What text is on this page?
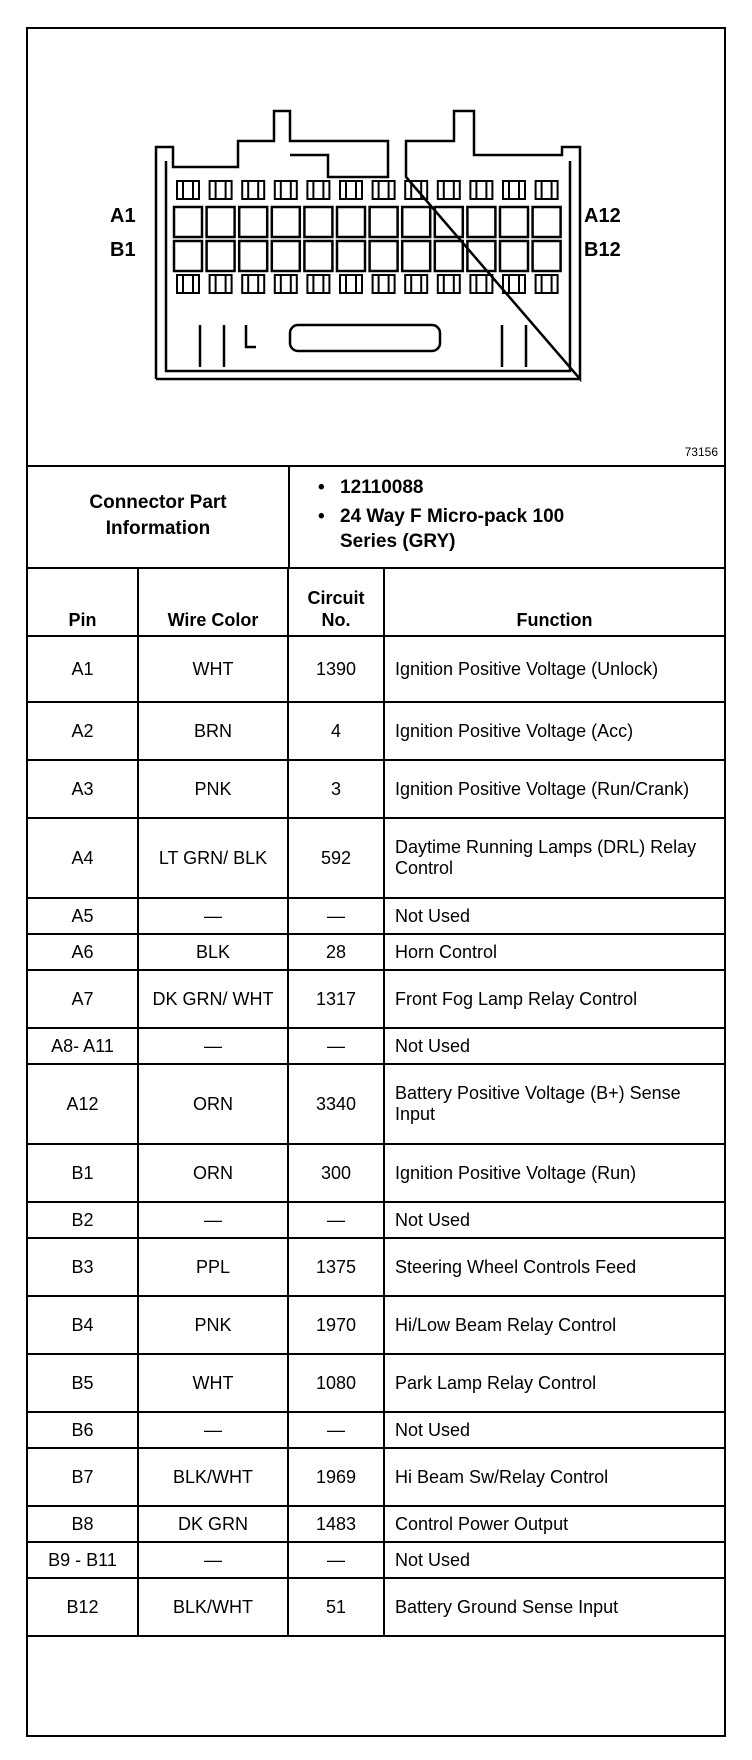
A1
B1
A12
B12
73156
Connector Part Information
• 12110088
• 24 Way F Micro-pack 100 Series (GRY)
Pin	Wire Color	Circuit No.	Function
A1	WHT	1390	Ignition Positive Voltage (Unlock)
A2	BRN	4	Ignition Positive Voltage (Acc)
A3	PNK	3	Ignition Positive Voltage (Run/Crank)
A4	LT GRN/ BLK	592	Daytime Running Lamps (DRL) Relay Control
A5	—	—	Not Used
A6	BLK	28	Horn Control
A7	DK GRN/ WHT	1317	Front Fog Lamp Relay Control
A8- A11	—	—	Not Used
A12	ORN	3340	Battery Positive Voltage (B+) Sense Input
B1	ORN	300	Ignition Positive Voltage (Run)
B2	—	—	Not Used
B3	PPL	1375	Steering Wheel Controls Feed
B4	PNK	1970	Hi/Low Beam Relay Control
B5	WHT	1080	Park Lamp Relay Control
B6	—	—	Not Used
B7	BLK/WHT	1969	Hi Beam Sw/Relay Control
B8	DK GRN	1483	Control Power Output
B9 - B11	—	—	Not Used
B12	BLK/WHT	51	Battery Ground Sense Input
